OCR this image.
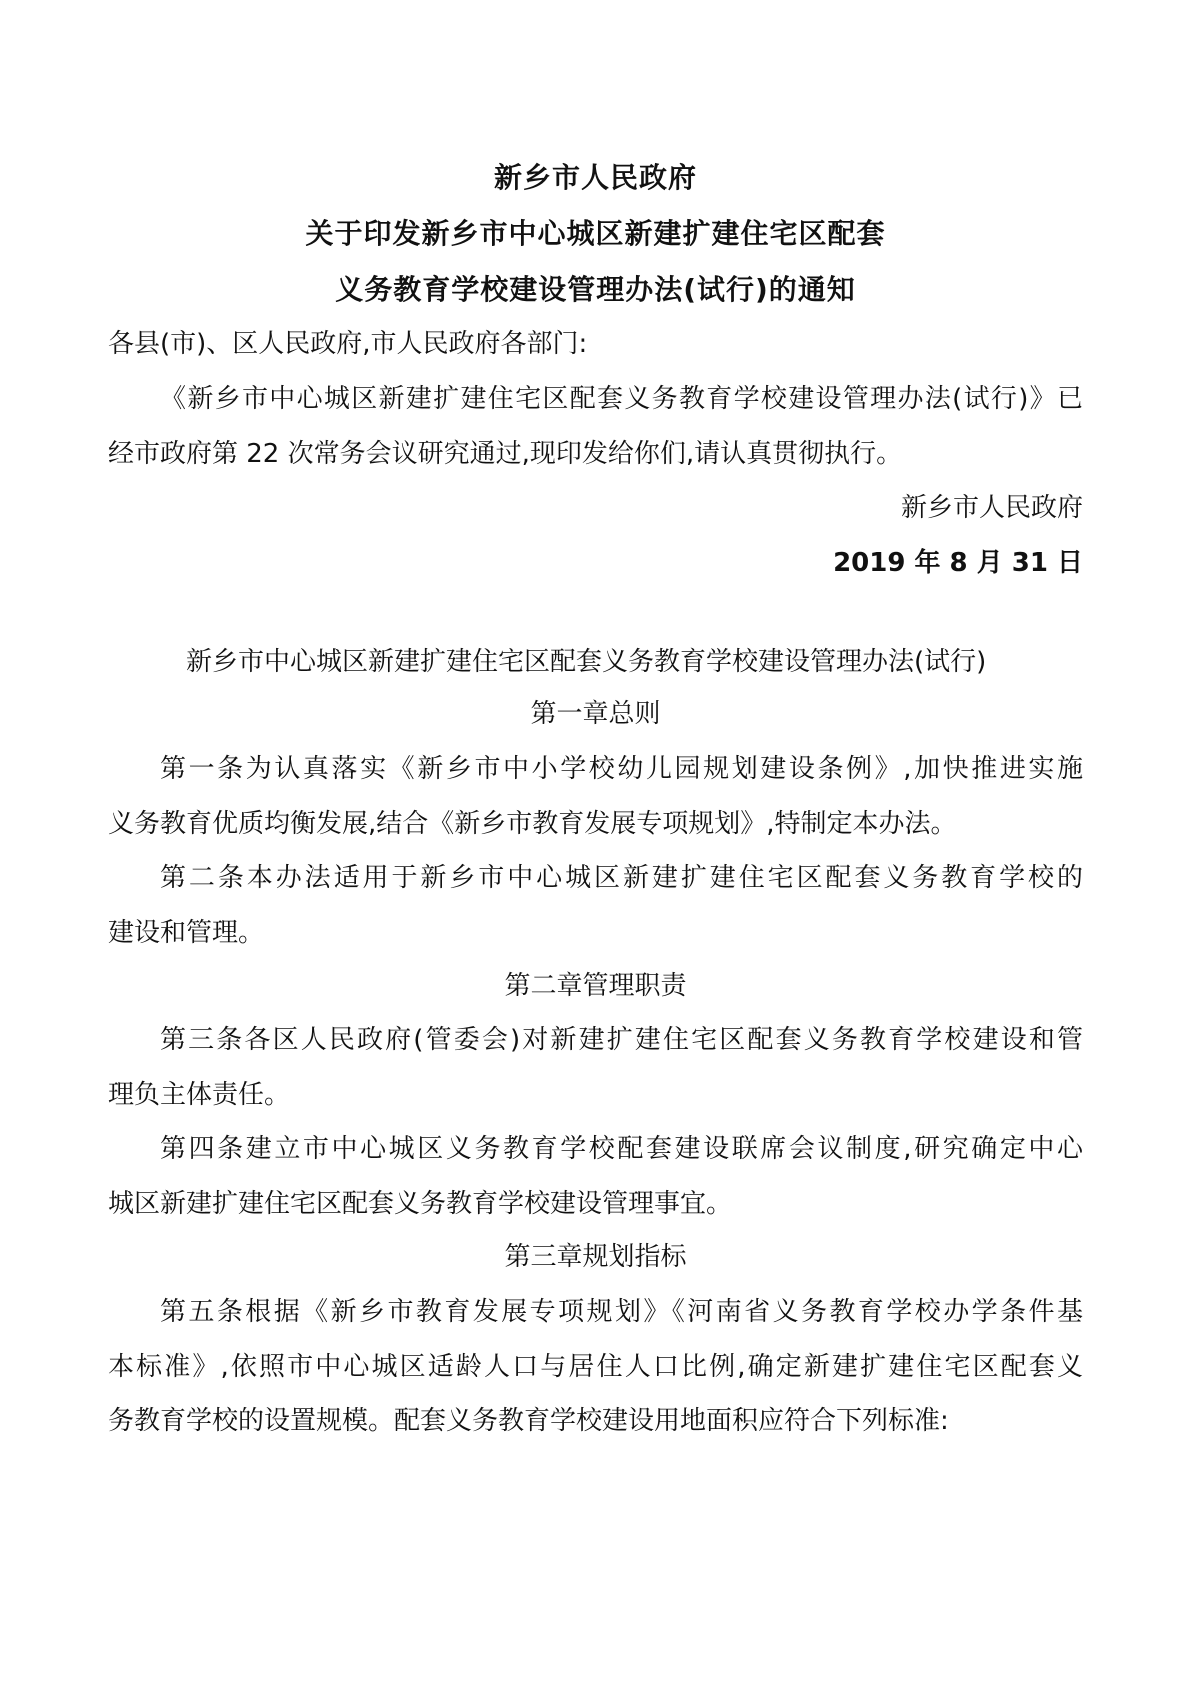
新乡市人民政府
关于印发新乡市中心城区新建扩建住宅区配套
义务教育学校建设管理办法(试行)的通知
各县(市)、区人民政府,市人民政府各部门:
《新乡市中心城区新建扩建住宅区配套义务教育学校建设管理办法(试行)》已
经市政府第 22 次常务会议研究通过,现印发给你们,请认真贯彻执行。
新乡市人民政府
2019 年 8 月 31 日
新乡市中心城区新建扩建住宅区配套义务教育学校建设管理办法(试行)
第一章总则
第一条为认真落实《新乡市中小学校幼儿园规划建设条例》,加快推进实施
义务教育优质均衡发展,结合《新乡市教育发展专项规划》,特制定本办法。
第二条本办法适用于新乡市中心城区新建扩建住宅区配套义务教育学校的
建设和管理。
第二章管理职责
第三条各区人民政府(管委会)对新建扩建住宅区配套义务教育学校建设和管
理负主体责任。
第四条建立市中心城区义务教育学校配套建设联席会议制度,研究确定中心
城区新建扩建住宅区配套义务教育学校建设管理事宜。
第三章规划指标
第五条根据《新乡市教育发展专项规划》《河南省义务教育学校办学条件基
本标准》,依照市中心城区适龄人口与居住人口比例,确定新建扩建住宅区配套义
务教育学校的设置规模。配套义务教育学校建设用地面积应符合下列标准:
